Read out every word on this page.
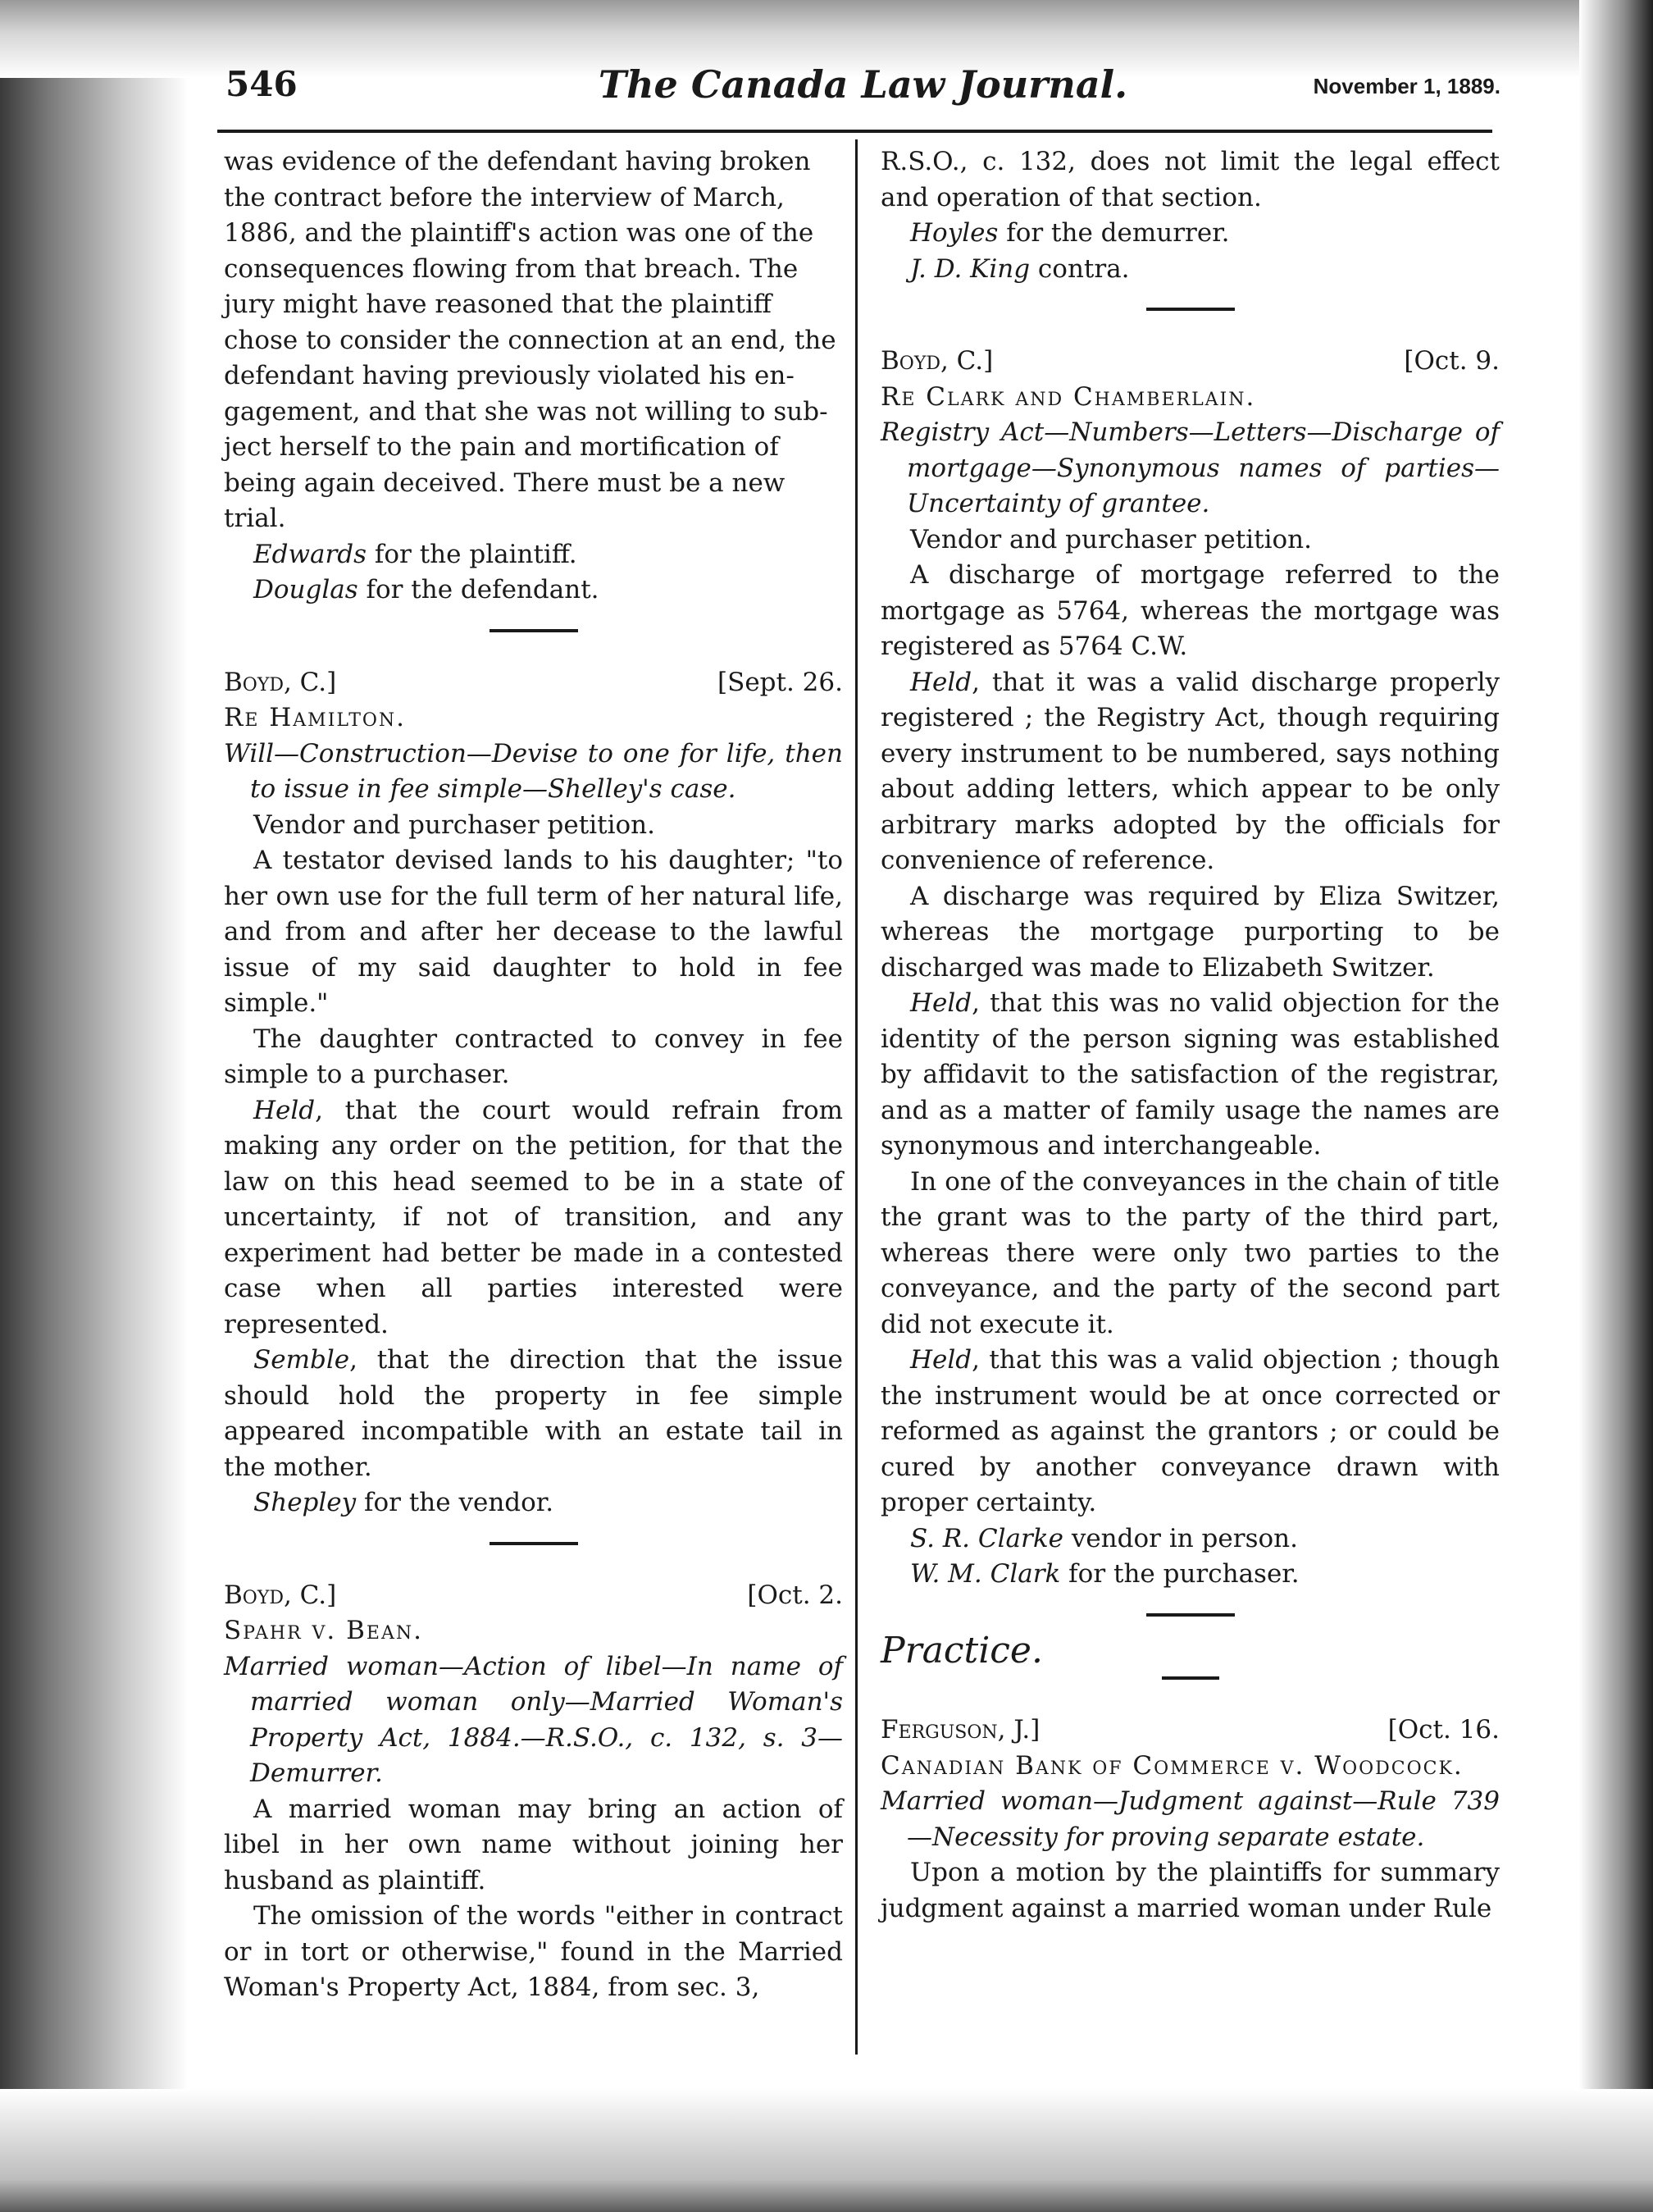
The Canada Law Journal.
546	November 1, 1889.

was evidence of the defendant having broken

the contract before the interview of March,

1886, and the plaintiff's action was one of the

consequences flowing from that breach. The

jury might have reasoned that the plaintiff

chose to consider the connection at an end, the

defendant having previously violated his en-

gagement, and that she was not willing to sub-

ject herself to the pain and mortification of

being again deceived. There must be a new

trial.

Edwards for the plaintiff.

Douglas for the defendant.

Boyd, C.]	[Sept. 26.

Re Hamilton.

Will—Construction—Devise to one for life, then to issue in fee simple—Shelley's case.

Vendor and purchaser petition.

A testator devised lands to his daughter; "to her own use for the full term of her natural life, and from and after her decease to the lawful issue of my said daughter to hold in fee simple."

The daughter contracted to convey in fee simple to a purchaser.

Held, that the court would refrain from making any order on the petition, for that the law on this head seemed to be in a state of uncertainty, if not of transition, and any experiment had better be made in a contested case when all parties interested were represented.

Semble, that the direction that the issue should hold the property in fee simple appeared incompatible with an estate tail in the mother.

Shepley for the vendor.

Boyd, C.]	[Oct. 2.

Spahr v. Bean.

Married woman—Action of libel—In name of married woman only—Married Woman's Property Act, 1884.—R.S.O., c. 132, s. 3—Demurrer.

A married woman may bring an action of libel in her own name without joining her husband as plaintiff.

The omission of the words "either in contract or in tort or otherwise," found in the Married Woman's Property Act, 1884, from sec. 3,

R.S.O., c. 132, does not limit the legal effect and operation of that section.

Hoyles for the demurrer.

J. D. King contra.

Boyd, C.]	[Oct. 9.

Re Clark and Chamberlain.

Registry Act—Numbers—Letters—Discharge of mortgage—Synonymous names of parties—Uncertainty of grantee.

Vendor and purchaser petition.

A discharge of mortgage referred to the mortgage as 5764, whereas the mortgage was registered as 5764 C.W.

Held, that it was a valid discharge properly registered ; the Registry Act, though requiring every instrument to be numbered, says nothing about adding letters, which appear to be only arbitrary marks adopted by the officials for convenience of reference.

A discharge was required by Eliza Switzer, whereas the mortgage purporting to be discharged was made to Elizabeth Switzer.

Held, that this was no valid objection for the identity of the person signing was established by affidavit to the satisfaction of the registrar, and as a matter of family usage the names are synonymous and interchangeable.

In one of the conveyances in the chain of title the grant was to the party of the third part, whereas there were only two parties to the conveyance, and the party of the second part did not execute it.

Held, that this was a valid objection ; though the instrument would be at once corrected or reformed as against the grantors ; or could be cured by another conveyance drawn with proper certainty.

S. R. Clarke vendor in person.

W. M. Clark for the purchaser.

Practice.

Ferguson, J.]	[Oct. 16.

Canadian Bank of Commerce v. Woodcock.

Married woman—Judgment against—Rule 739—Necessity for proving separate estate.

Upon a motion by the plaintiffs for summary judgment against a married woman under Rule
